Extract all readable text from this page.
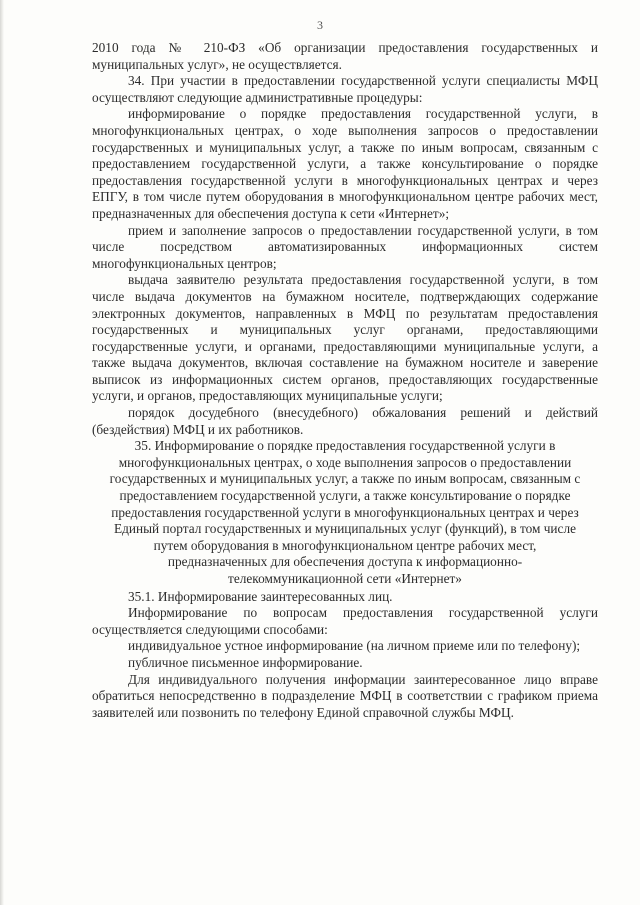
3

2010 года № 210-ФЗ «Об организации предоставления государственных и муниципальных услуг», не осуществляется.

34. При участии в предоставлении государственной услуги специалисты МФЦ осуществляют следующие административные процедуры:

информирование о порядке предоставления государственной услуги, в многофункциональных центрах, о ходе выполнения запросов о предоставлении государственных и муниципальных услуг, а также по иным вопросам, связанным с предоставлением государственной услуги, а также консультирование о порядке предоставления государственной услуги в многофункциональных центрах и через ЕПГУ, в том числе путем оборудования в многофункциональном центре рабочих мест, предназначенных для обеспечения доступа к сети «Интернет»;

прием и заполнение запросов о предоставлении государственной услуги, в том числе посредством автоматизированных информационных систем многофункциональных центров;

выдача заявителю результата предоставления государственной услуги, в том числе выдача документов на бумажном носителе, подтверждающих содержание электронных документов, направленных в МФЦ по результатам предоставления государственных и муниципальных услуг органами, предоставляющими государственные услуги, и органами, предоставляющими муниципальные услуги, а также выдача документов, включая составление на бумажном носителе и заверение выписок из информационных систем органов, предоставляющих государственные услуги, и органов, предоставляющих муниципальные услуги;

порядок досудебного (внесудебного) обжалования решений и действий (бездействия) МФЦ и их работников.

35. Информирование о порядке предоставления государственной услуги в многофункциональных центрах, о ходе выполнения запросов о предоставлении государственных и муниципальных услуг, а также по иным вопросам, связанным с предоставлением государственной услуги, а также консультирование о порядке предоставления государственной услуги в многофункциональных центрах и через Единый портал государственных и муниципальных услуг (функций), в том числе путем оборудования в многофункциональном центре рабочих мест, предназначенных для обеспечения доступа к информационно-телекоммуникационной сети «Интернет»

35.1. Информирование заинтересованных лиц.

Информирование по вопросам предоставления государственной услуги осуществляется следующими способами:

индивидуальное устное информирование (на личном приеме или по телефону);

публичное письменное информирование.

Для индивидуального получения информации заинтересованное лицо вправе обратиться непосредственно в подразделение МФЦ в соответствии с графиком приема заявителей или позвонить по телефону Единой справочной службы МФЦ.
